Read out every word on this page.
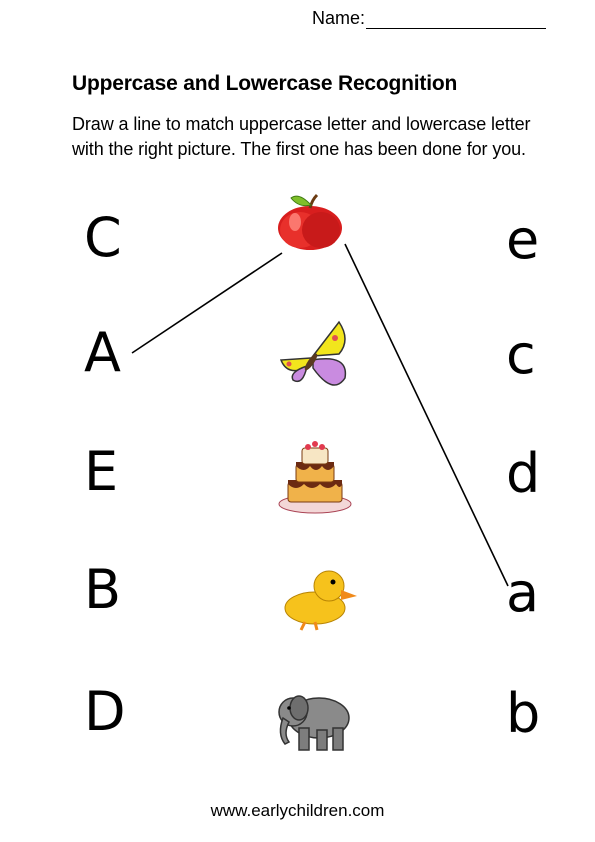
Name:
Uppercase and Lowercase Recognition
Draw a line to match uppercase letter and lowercase letter
with the right picture. The first one has been done for you.
C
A
E
B
D
e
c
d
a
b
www.earlychildren.com
